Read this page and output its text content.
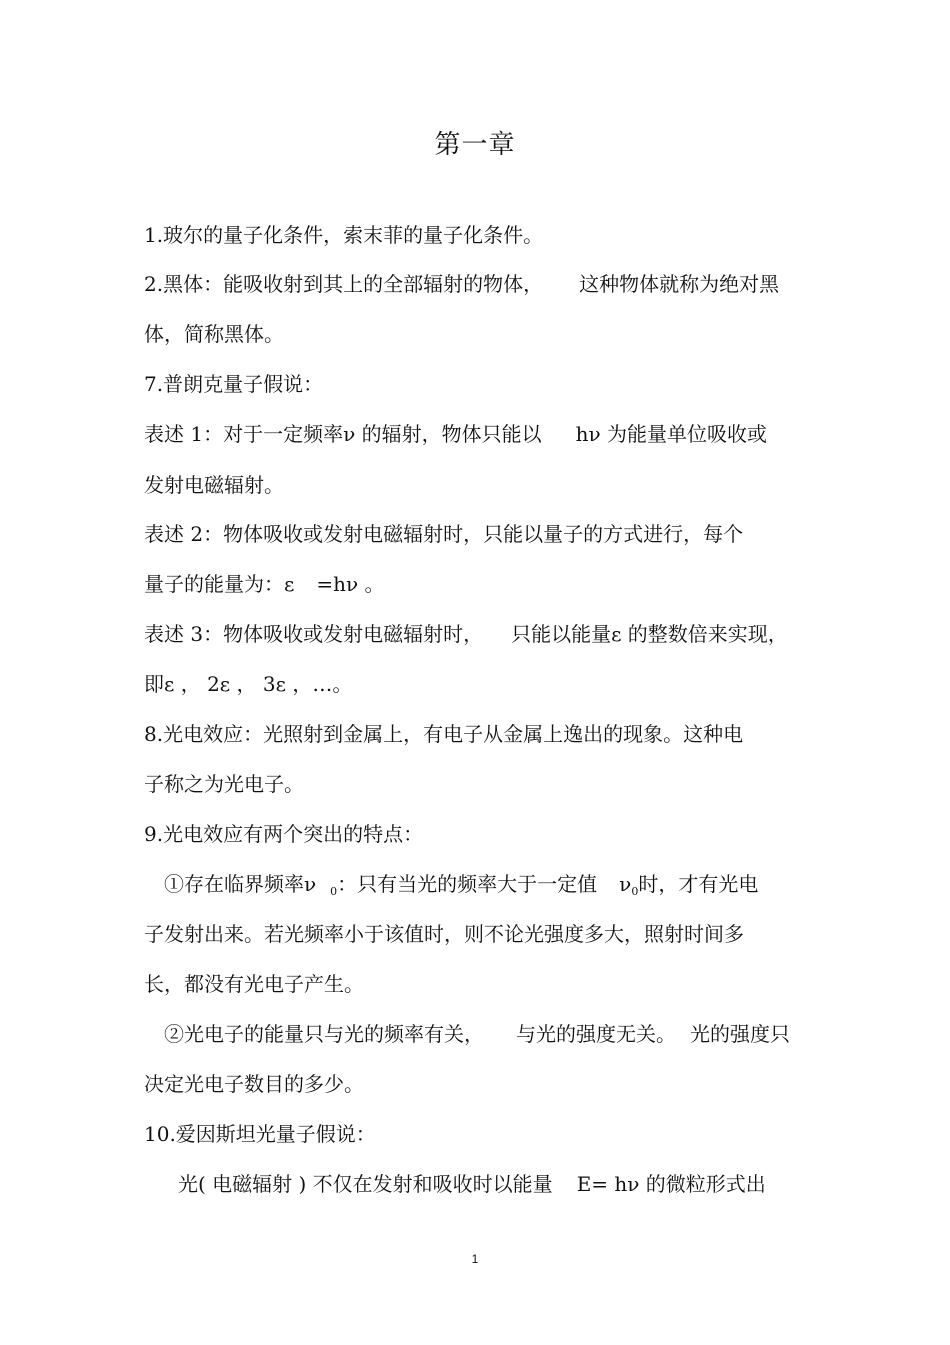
第一章
1.玻尔的量子化条件，索末菲的量子化条件。
2.黑体：能吸收射到其上的全部辐射的物体， 这种物体就称为绝对黑
体，简称黑体。
7.普朗克量子假说：
表述 1：对于一定频率ν 的辐射，物体只能以 hν 为能量单位吸收或
发射电磁辐射。
表述 2：物体吸收或发射电磁辐射时，只能以量子的方式进行，每个
量子的能量为：ε =hν 。
表述 3：物体吸收或发射电磁辐射时， 只能以能量ε 的整数倍来实现，
即ε ， 2ε ， 3ε ，…。
8.光电效应：光照射到金属上，有电子从金属上逸出的现象。这种电
子称之为光电子。
9.光电效应有两个突出的特点：
①存在临界频率ν $_0$：只有当光的频率大于一定值 $\nu_0$时，才有光电
子发射出来。若光频率小于该值时，则不论光强度多大，照射时间多
长，都没有光电子产生。
②光电子的能量只与光的频率有关， 与光的强度无关。 光的强度只
决定光电子数目的多少。
10.爱因斯坦光量子假说：
光( 电磁辐射 ) 不仅在发射和吸收时以能量 E= hν 的微粒形式出
1
